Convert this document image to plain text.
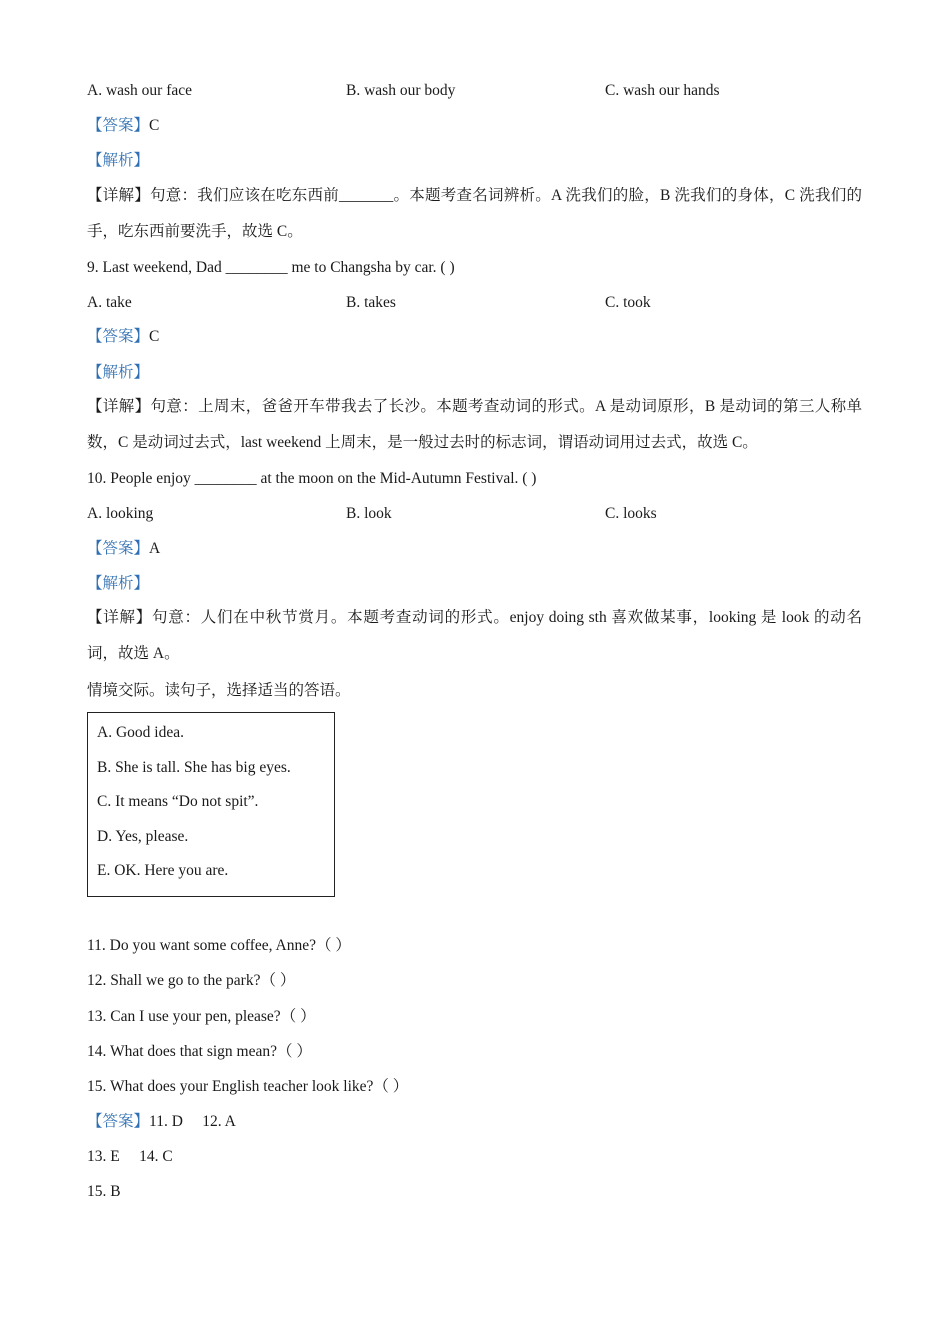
A. wash our face	B. wash our body	C. wash our hands
【答案】C
【解析】
【详解】句意：我们应该在吃东西前_______。本题考查名词辨析。A 洗我们的脸，B 洗我们的身体，C 洗我们的手，吃东西前要洗手，故选 C。
9. Last weekend, Dad ________ me to Changsha by car. ( )
A. take	B. takes	C. took
【答案】C
【解析】
【详解】句意：上周末，爸爸开车带我去了长沙。本题考查动词的形式。A 是动词原形，B 是动词的第三人称单数，C 是动词过去式，last weekend 上周末，是一般过去时的标志词，谓语动词用过去式，故选 C。
10. People enjoy ________ at the moon on the Mid-Autumn Festival. ( )
A. looking	B. look	C. looks
【答案】A
【解析】
【详解】句意：人们在中秋节赏月。本题考查动词的形式。enjoy doing sth 喜欢做某事，looking 是 look 的动名词，故选 A。
情境交际。读句子，选择适当的答语。
A. Good idea.
B. She is tall. She has big eyes.
C. It means “Do not spit”.
D. Yes, please.
E. OK. Here you are.
11. Do you want some coffee, Anne?（ ）
12. Shall we go to the park?（ ）
13. Can I use your pen, please?（ ）
14. What does that sign mean?（ ）
15. What does your English teacher look like?（ ）
【答案】11. D     12. A
13. E     14. C
15. B
